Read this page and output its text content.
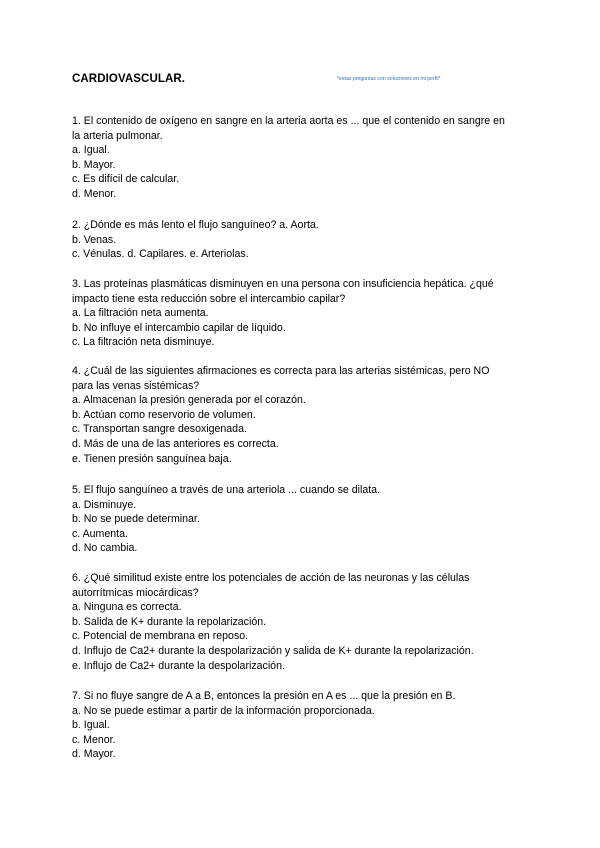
CARDIOVASCULAR.	*estas preguntas con soluciones en mi perfil*

1. El contenido de oxígeno en sangre en la arteria aorta es ... que el contenido en sangre en

la arteria pulmonar.

a. Igual.

b. Mayor.

c. Es difícil de calcular.

d. Menor.

2. ¿Dónde es más lento el flujo sanguíneo? a. Aorta.

b. Venas.

c. Vénulas. d. Capilares. e. Arteriolas.

3. Las proteínas plasmáticas disminuyen en una persona con insuficiencia hepática. ¿qué

impacto tiene esta reducción sobre el intercambio capilar?

a. La filtración neta aumenta.

b. No influye el intercambio capilar de líquido.

c. La filtración neta disminuye.

4. ¿Cuál de las siguientes afirmaciones es correcta para las arterias sistémicas, pero NO

para las venas sistémicas?

a. Almacenan la presión generada por el corazón.

b. Actúan como reservorio de volumen.

c. Transportan sangre desoxigenada.

d. Más de una de las anteriores es correcta.

e. Tienen presión sanguínea baja.

5. El flujo sanguíneo a través de una arteriola ... cuando se dilata.

a. Disminuye.

b. No se puede determinar.

c. Aumenta.

d. No cambia.

6. ¿Qué similitud existe entre los potenciales de acción de las neuronas y las células

autorrítmicas miocárdicas?

a. Ninguna es correcta.

b. Salida de K+ durante la repolarización.

c. Potencial de membrana en reposo.

d. Influjo de Ca2+ durante la despolarización y salida de K+ durante la repolarización.

e. Influjo de Ca2+ durante la despolarización.

7. Si no fluye sangre de A a B, entonces la presión en A es ... que la presión en B.

a. No se puede estimar a partir de la información proporcionada.

b. Igual.

c. Menor.

d. Mayor.
